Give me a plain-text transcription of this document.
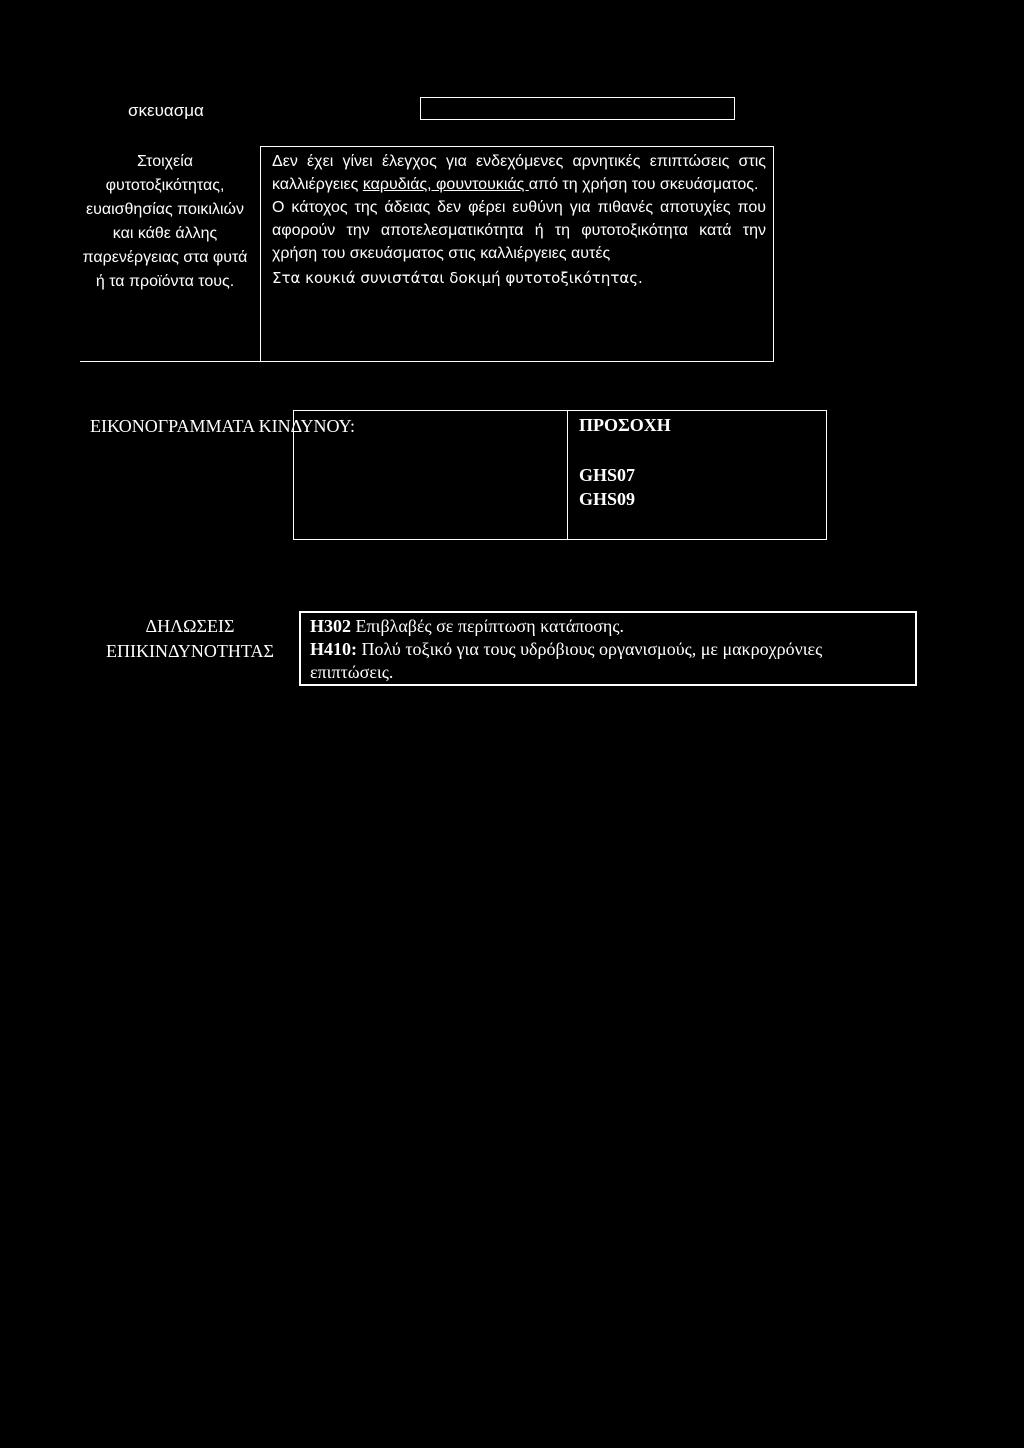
σκευασμα
Στοιχεία φυτοτοξικότητας, ευαισθησίας ποικιλιών και κάθε άλλης παρενέργειας στα φυτά ή τα προϊόντα τους.

Δεν έχει γίνει έλεγχος για ενδεχόμενες αρνητικές επιπτώσεις στις καλλιέργειες καρυδιάς, φουντουκιάς από τη χρήση του σκευάσματος.

Ο κάτοχος της άδειας δεν φέρει ευθύνη για πιθανές αποτυχίες που αφορούν την αποτελεσματικότητα ή τη φυτοτοξικότητα κατά την χρήση του σκευάσματος στις καλλιέργειες αυτές

Στα κουκιά συνιστάται δοκιμή φυτοτοξικότητας.

ΕΙΚΟΝΟΓΡΑΜΜΑΤΑ ΚΙΝΔΥΝΟΥ:	ΠΡΟΣΟΧΗ
GHS07
GHS09
ΔΗΛΩΣΕΙΣ ΕΠΙΚΙΝΔΥΝΟΤΗΤΑΣ

H302 Επιβλαβές σε περίπτωση κατάποσης.

H410: Πολύ τοξικό για τους υδρόβιους οργανισμούς, με μακροχρόνιες επιπτώσεις.
